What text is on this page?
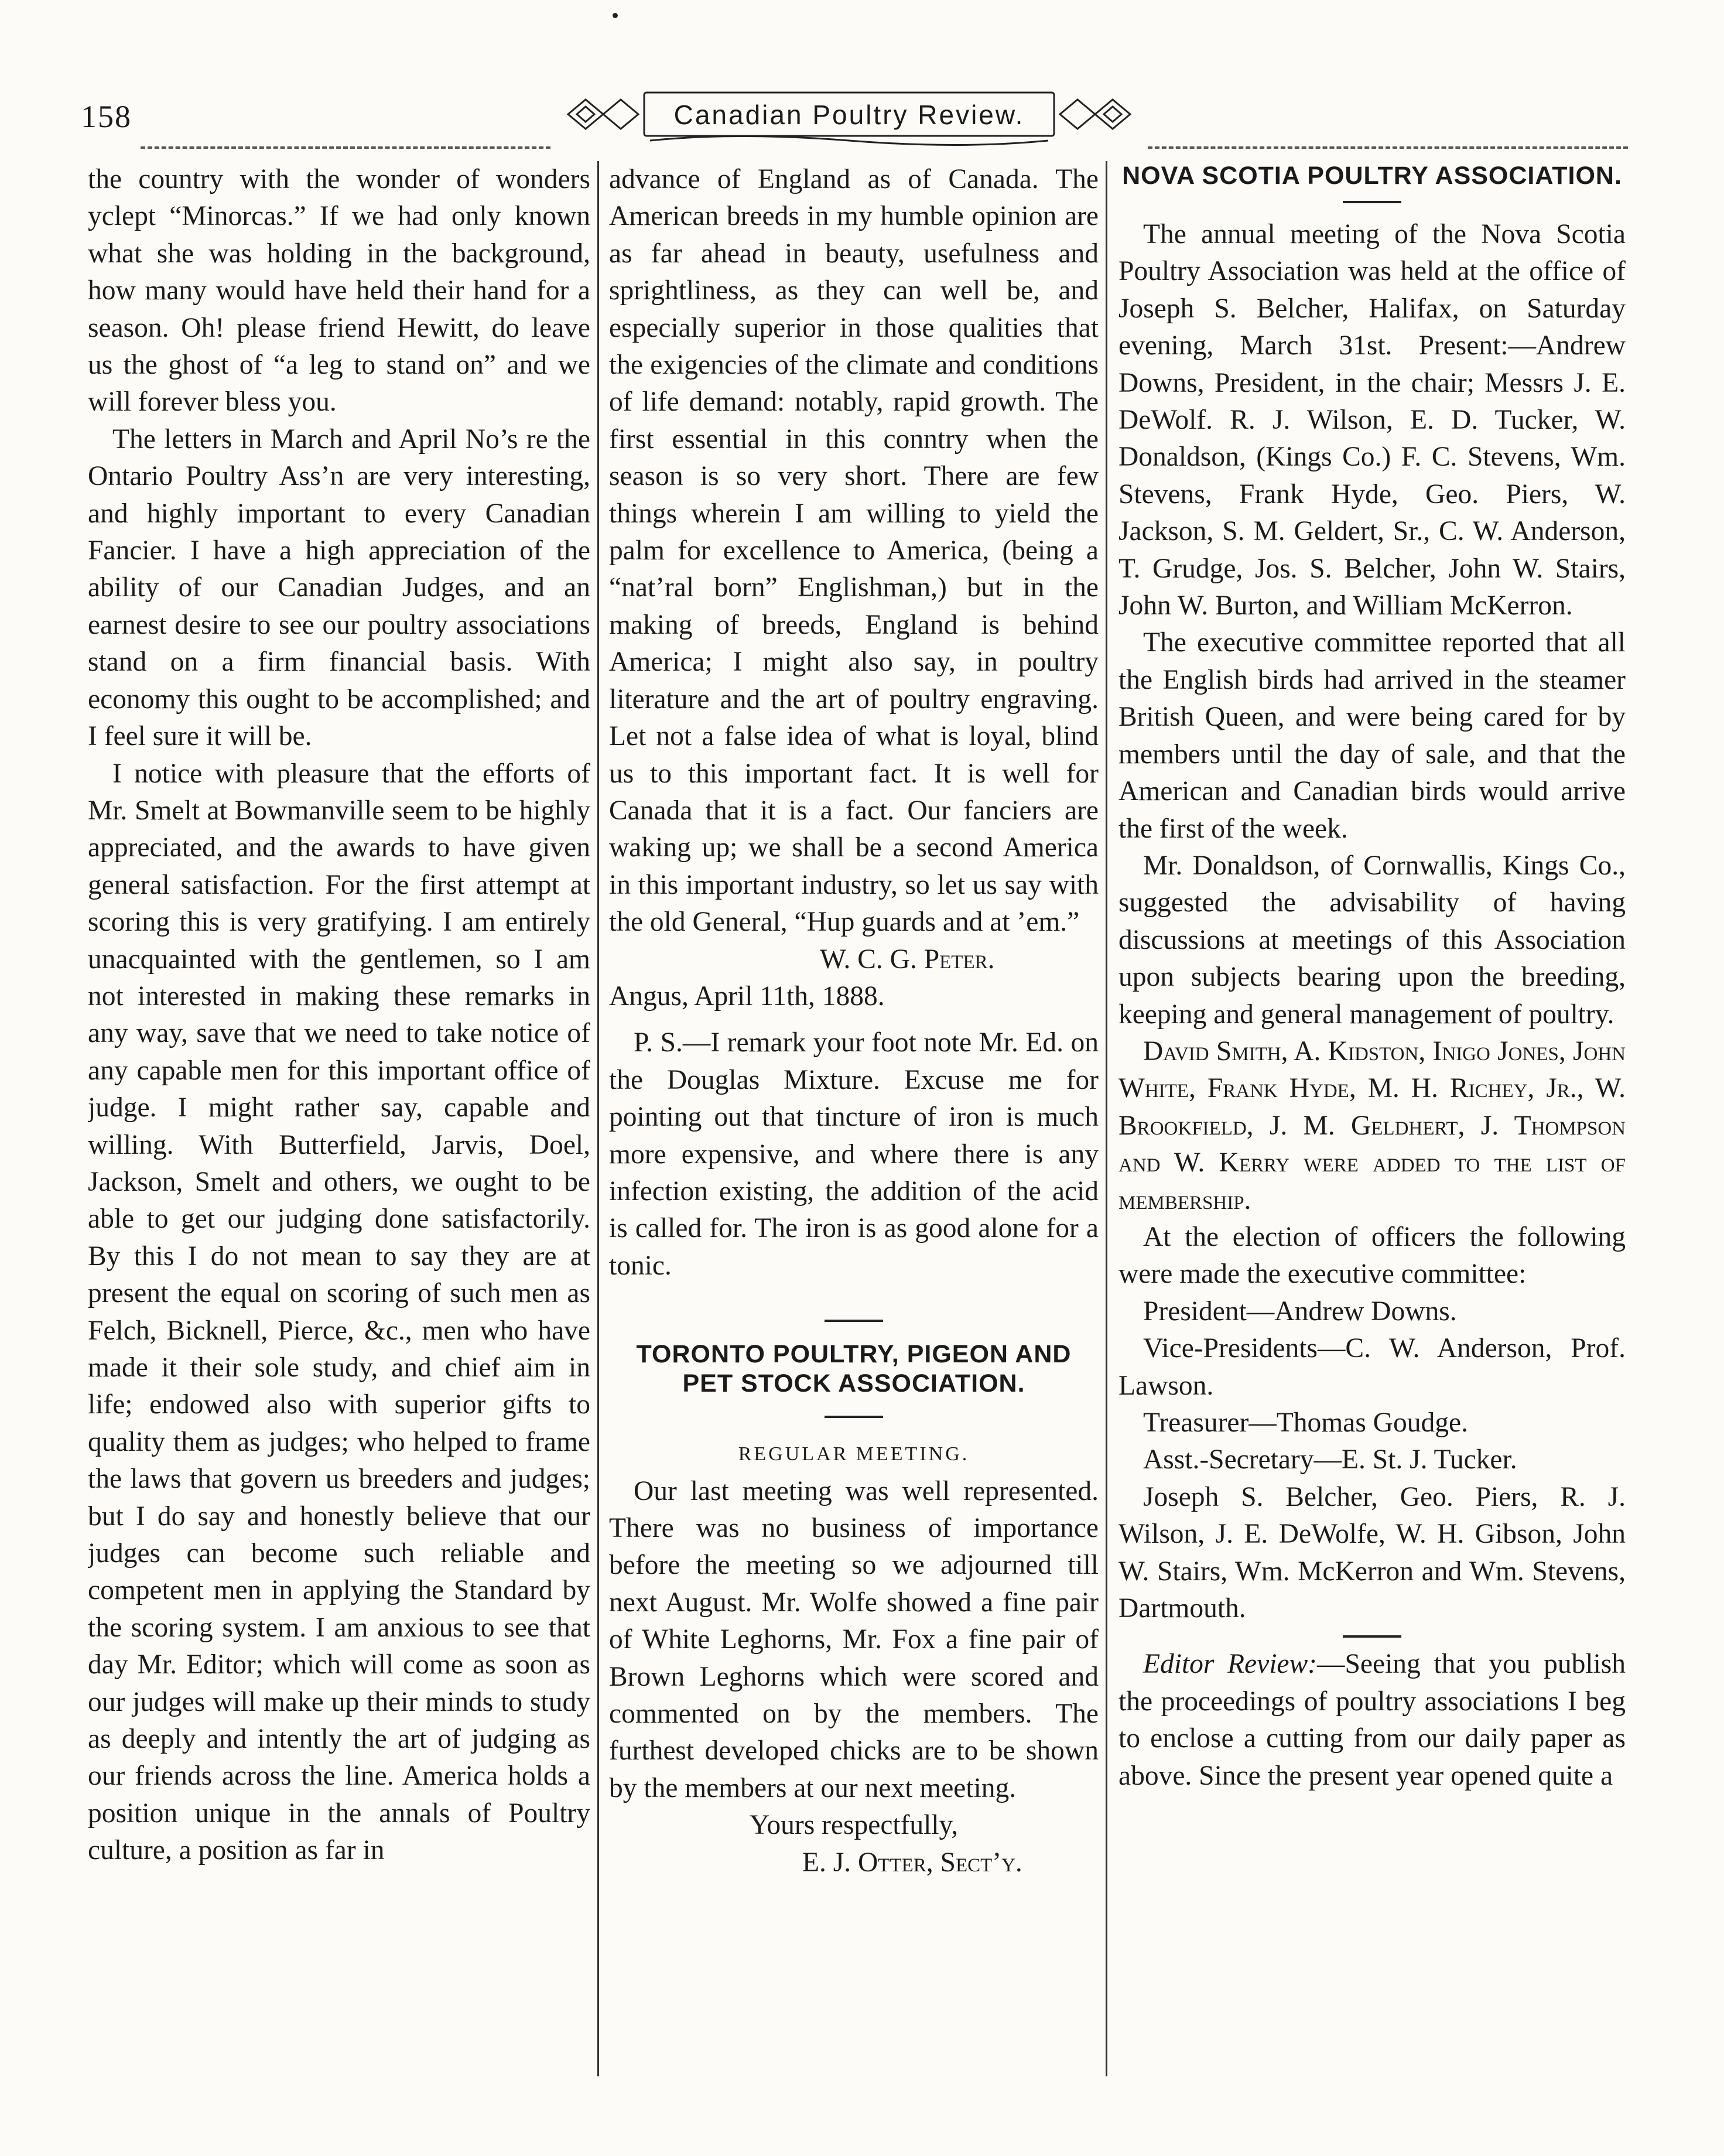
158	Canadian Poultry Review.

the country with the wonder of wonders yclept “Minorcas.” If we had only known what she was holding in the background, how many would have held their hand for a season. Oh! please friend Hewitt, do leave us the ghost of “a leg to stand on” and we will forever bless you.

The letters in March and April No’s re the Ontario Poultry Ass’n are very interesting, and highly important to every Canadian Fancier. I have a high appreciation of the ability of our Canadian Judges, and an earnest desire to see our poultry associations stand on a firm financial basis. With economy this ought to be accomplished; and I feel sure it will be.

I notice with pleasure that the efforts of Mr. Smelt at Bowmanville seem to be highly appreciated, and the awards to have given general satisfaction. For the first attempt at scoring this is very gratifying. I am entirely unacquainted with the gentlemen, so I am not interested in making these remarks in any way, save that we need to take notice of any capable men for this important office of judge. I might rather say, capable and willing. With Butterfield, Jarvis, Doel, Jackson, Smelt and others, we ought to be able to get our judging done satisfactorily. By this I do not mean to say they are at present the equal on scoring of such men as Felch, Bicknell, Pierce, &c., men who have made it their sole study, and chief aim in life; endowed also with superior gifts to quality them as judges; who helped to frame the laws that govern us breeders and judges; but I do say and honestly believe that our judges can become such reliable and competent men in applying the Standard by the scoring system. I am anxious to see that day Mr. Editor; which will come as soon as our judges will make up their minds to study as deeply and intently the art of judging as our friends across the line. America holds a position unique in the annals of Poultry culture, a position as far in

advance of England as of Canada. The American breeds in my humble opinion are as far ahead in beauty, usefulness and sprightliness, as they can well be, and especially superior in those qualities that the exigencies of the climate and conditions of life demand: notably, rapid growth. The first essential in this conntry when the season is so very short. There are few things wherein I am willing to yield the palm for excellence to America, (being a “nat’ral born” Englishman,) but in the making of breeds, England is behind America; I might also say, in poultry literature and the art of poultry engraving. Let not a false idea of what is loyal, blind us to this important fact. It is well for Canada that it is a fact. Our fanciers are waking up; we shall be a second America in this important industry, so let us say with the old General, “Hup guards and at ’em.”

W. C. G. Peter.

Angus, April 11th, 1888.

P. S.—I remark your foot note Mr. Ed. on the Douglas Mixture. Excuse me for pointing out that tincture of iron is much more expensive, and where there is any infection existing, the addition of the acid is called for. The iron is as good alone for a tonic.

TORONTO POULTRY, PIGEON AND PET STOCK ASSOCIATION.

REGULAR MEETING.

Our last meeting was well represented. There was no business of importance before the meeting so we adjourned till next August. Mr. Wolfe showed a fine pair of White Leghorns, Mr. Fox a fine pair of Brown Leghorns which were scored and commented on by the members. The furthest developed chicks are to be shown by the members at our next meeting.

Yours respectfully,

E. J. Otter, Sect’y.

NOVA SCOTIA POULTRY ASSOCIATION.

The annual meeting of the Nova Scotia Poultry Association was held at the office of Joseph S. Belcher, Halifax, on Saturday evening, March 31st. Present:—Andrew Downs, President, in the chair; Messrs J. E. DeWolf. R. J. Wilson, E. D. Tucker, W. Donaldson, (Kings Co.) F. C. Stevens, Wm. Stevens, Frank Hyde, Geo. Piers, W. Jackson, S. M. Geldert, Sr., C. W. Anderson, T. Grudge, Jos. S. Belcher, John W. Stairs, John W. Burton, and William McKerron.

The executive committee reported that all the English birds had arrived in the steamer British Queen, and were being cared for by members until the day of sale, and that the American and Canadian birds would arrive the first of the week.

Mr. Donaldson, of Cornwallis, Kings Co., suggested the advisability of having discussions at meetings of this Association upon subjects bearing upon the breeding, keeping and general management of poultry.

David Smith, A. Kidston, Inigo Jones, John White, Frank Hyde, M. H. Richey, Jr., W. Brookfield, J. M. Geldhert, J. Thompson and W. Kerry were added to the list of membership.

At the election of officers the following were made the executive committee:

President—Andrew Downs.

Vice-Presidents—C. W. Anderson, Prof. Lawson.

Treasurer—Thomas Goudge.

Asst.-Secretary—E. St. J. Tucker.

Joseph S. Belcher, Geo. Piers, R. J. Wilson, J. E. DeWolfe, W. H. Gibson, John W. Stairs, Wm. McKerron and Wm. Stevens, Dartmouth.

Editor Review:—Seeing that you publish the proceedings of poultry associations I beg to enclose a cutting from our daily paper as above. Since the present year opened quite a
